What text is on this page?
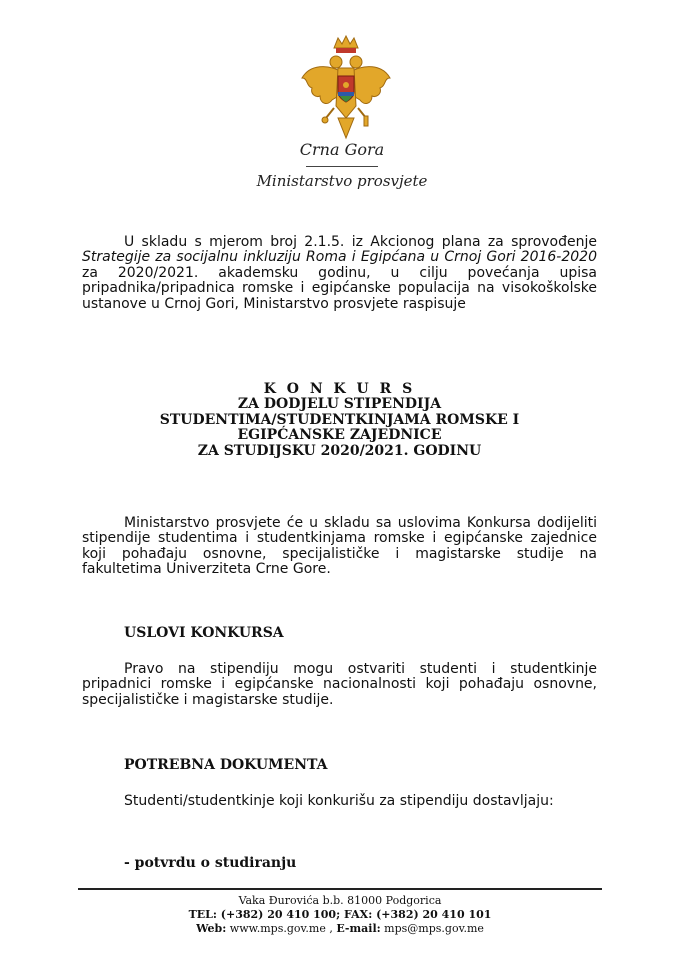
Crna Gora
Ministarstvo prosvjete
U skladu s mjerom broj 2.1.5. iz Akcionog plana za sprovođenje Strategije za socijalnu inkluziju Roma i Egipćana u Crnoj Gori 2016-2020 za 2020/2021. akademsku godinu, u cilju povećanja upisa pripadnika/pripadnica romske i egipćanske populacija na visokoškolske ustanove u Crnoj Gori, Ministarstvo prosvjete raspisuje
K O N K U R S
ZA DODJELU STIPENDIJA
STUDENTIMA/STUDENTKINJAMA ROMSKE I
EGIPĆANSKE ZAJEDNICE
ZA STUDIJSKU 2020/2021. GODINU
Ministarstvo prosvjete će u skladu sa uslovima Konkursa dodijeliti stipendije studentima i studentkinjama romske i egipćanske zajednice koji pohađaju osnovne, specijalističke i magistarske studije na fakultetima Univerziteta Crne Gore.
USLOVI KONKURSA
Pravo na stipendiju mogu ostvariti studenti i studentkinje pripadnici romske i egipćanske nacionalnosti koji pohađaju osnovne, specijalističke i magistarske studije.
POTREBNA DOKUMENTA
Studenti/studentkinje koji konkurišu za stipendiju dostavljaju:
- potvrdu o studiranju
Vaka Đurovića b.b. 81000 Podgorica
TEL: (+382) 20 410 100; FAX: (+382) 20 410 101
Web: www.mps.gov.me , E-mail: mps@mps.gov.me
